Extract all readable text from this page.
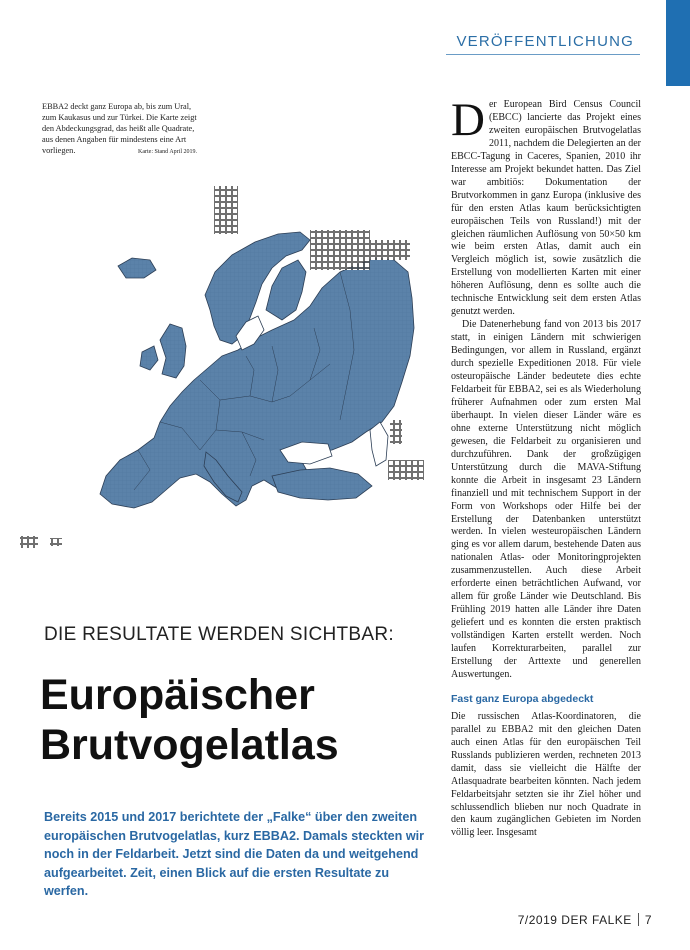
VERÖFFENTLICHUNG
EBBA2 deckt ganz Europa ab, bis zum Ural, zum Kaukasus und zur Türkei. Die Karte zeigt den Abdeckungsgrad, das heißt alle Quadrate, aus denen Angaben für mindestens eine Art vorliegen.	Karte: Stand April 2019.
DIE RESULTATE WERDEN SICHTBAR:
Europäischer
Brutvogelatlas
Bereits 2015 und 2017 berichtete der „Falke“ über den zweiten europäischen Brutvogelatlas, kurz EBBA2. Damals steckten wir noch in der Feldarbeit. Jetzt sind die Daten da und weitgehend aufgearbeitet. Zeit, einen Blick auf die ersten Resultate zu werfen.

Der European Bird Census Council (EBCC) lancierte das Projekt eines zweiten europäischen Brutvogelatlas 2011, nachdem die Delegierten an der EBCC-Tagung in Caceres, Spanien, 2010 ihr Interesse am Projekt bekundet hatten. Das Ziel war ambitiös: Dokumentation der Brutvorkommen in ganz Europa (inklusive des für den ersten Atlas kaum berücksichtigten europäischen Teils von Russland!) mit der gleichen räumlichen Auflösung von 50×50 km wie beim ersten Atlas, damit auch ein Vergleich möglich ist, sowie zusätzlich die Erstellung von modellierten Karten mit einer höheren Auflösung, denn es sollte auch die technische Entwicklung seit dem ersten Atlas genutzt werden.

Die Datenerhebung fand von 2013 bis 2017 statt, in einigen Ländern mit schwierigen Bedingungen, vor allem in Russland, ergänzt durch spezielle Expeditionen 2018. Für viele osteuropäische Länder bedeutete dies echte Feldarbeit für EBBA2, sei es als Wiederholung früherer Aufnahmen oder zum ersten Mal überhaupt. In vielen dieser Länder wäre es ohne externe Unterstützung nicht möglich gewesen, die Feldarbeit zu organisieren und durchzuführen. Dank der großzügigen Unterstützung durch die MAVA-Stiftung konnte die Arbeit in insgesamt 23 Ländern finanziell und mit technischem Support in der Form von Workshops oder Hilfe bei der Erstellung der Datenbanken unterstützt werden. In vielen westeuropäischen Ländern ging es vor allem darum, bestehende Daten aus nationalen Atlas- oder Monitoringprojekten zusammenzustellen. Auch diese Arbeit erforderte einen beträchtlichen Aufwand, vor allem für große Länder wie Deutschland. Bis Frühling 2019 hatten alle Länder ihre Daten geliefert und es konnten die ersten praktisch vollständigen Karten erstellt werden. Noch laufen Korrekturarbeiten, parallel zur Erstellung der Arttexte und generellen Auswertungen.

Fast ganz Europa abgedeckt

Die russischen Atlas-Koordinatoren, die parallel zu EBBA2 mit den gleichen Daten auch einen Atlas für den europäischen Teil Russlands publizieren werden, rechneten 2013 damit, dass sie vielleicht die Hälfte der Atlasquadrate bearbeiten könnten. Nach jedem Feldarbeitsjahr setzten sie ihr Ziel höher und schlussendlich blieben nur noch Quadrate in den kaum zugänglichen Gebieten im Norden völlig leer. Insgesamt

7/2019 DER FALKE 7
